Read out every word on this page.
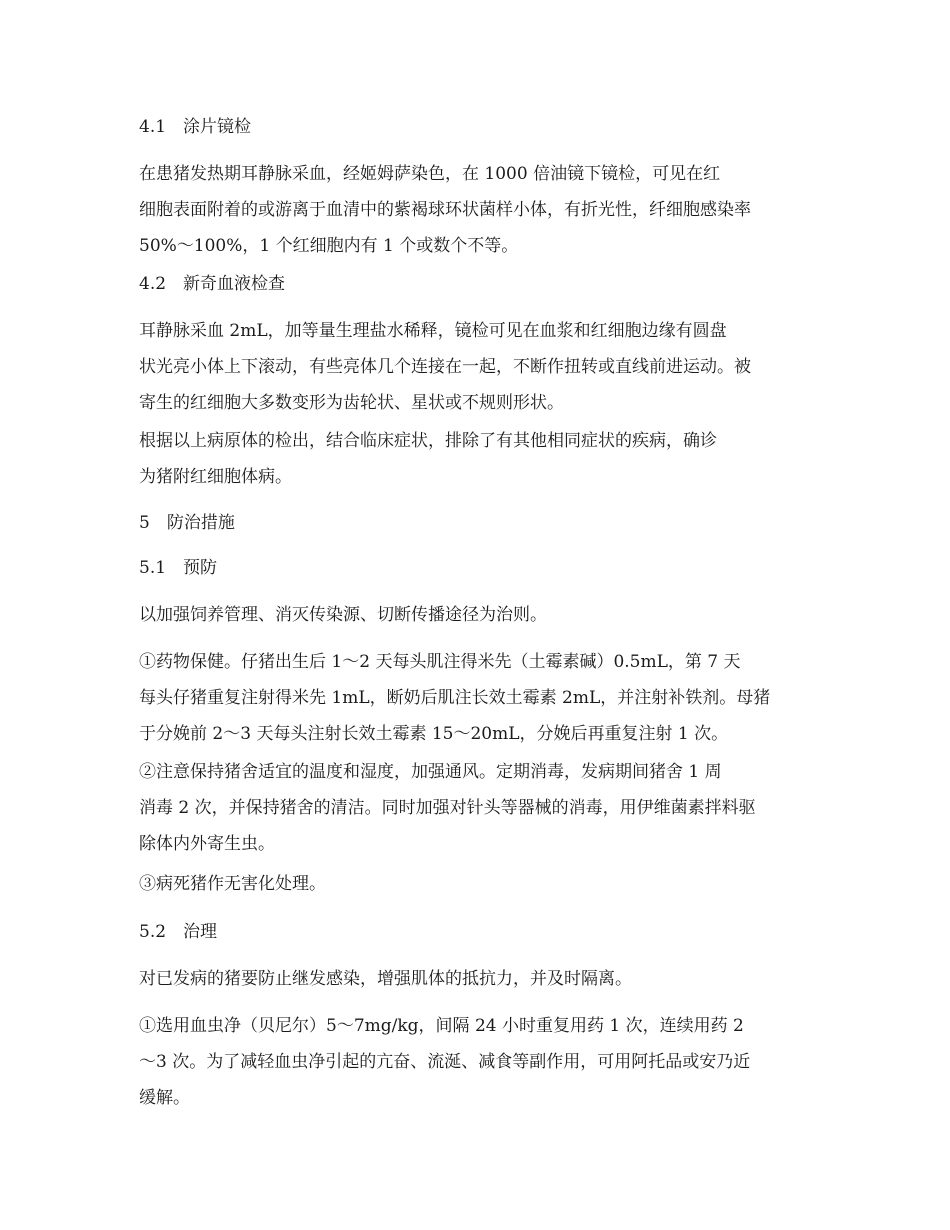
4.1　涂片镜检
在患猪发热期耳静脉采血，经姬姆萨染色，在 1000 倍油镜下镜检，可见在红
细胞表面附着的或游离于血清中的紫褐球环状菌样小体，有折光性，纤细胞感染率
50%～100%，1 个红细胞内有 1 个或数个不等。
4.2　新奇血液检查
耳静脉采血 2mL，加等量生理盐水稀释，镜检可见在血浆和红细胞边缘有圆盘
状光亮小体上下滚动，有些亮体几个连接在一起，不断作扭转或直线前进运动。被
寄生的红细胞大多数变形为齿轮状、星状或不规则形状。
根据以上病原体的检出，结合临床症状，排除了有其他相同症状的疾病，确诊
为猪附红细胞体病。
5　防治措施
5.1　预防
以加强饲养管理、消灭传染源、切断传播途径为治则。
①药物保健。仔猪出生后 1～2 天每头肌注得米先（土霉素碱）0.5mL，第 7 天
每头仔猪重复注射得米先 1mL，断奶后肌注长效土霉素 2mL，并注射补铁剂。母猪
于分娩前 2～3 天每头注射长效土霉素 15～20mL，分娩后再重复注射 1 次。
②注意保持猪舍适宜的温度和湿度，加强通风。定期消毒，发病期间猪舍 1 周
消毒 2 次，并保持猪舍的清洁。同时加强对针头等器械的消毒，用伊维菌素拌料驱
除体内外寄生虫。
③病死猪作无害化处理。
5.2　治理
对已发病的猪要防止继发感染，增强肌体的抵抗力，并及时隔离。
①选用血虫净（贝尼尔）5～7mg/kg，间隔 24 小时重复用药 1 次，连续用药 2
～3 次。为了减轻血虫净引起的亢奋、流涎、减食等副作用，可用阿托品或安乃近
缓解。
